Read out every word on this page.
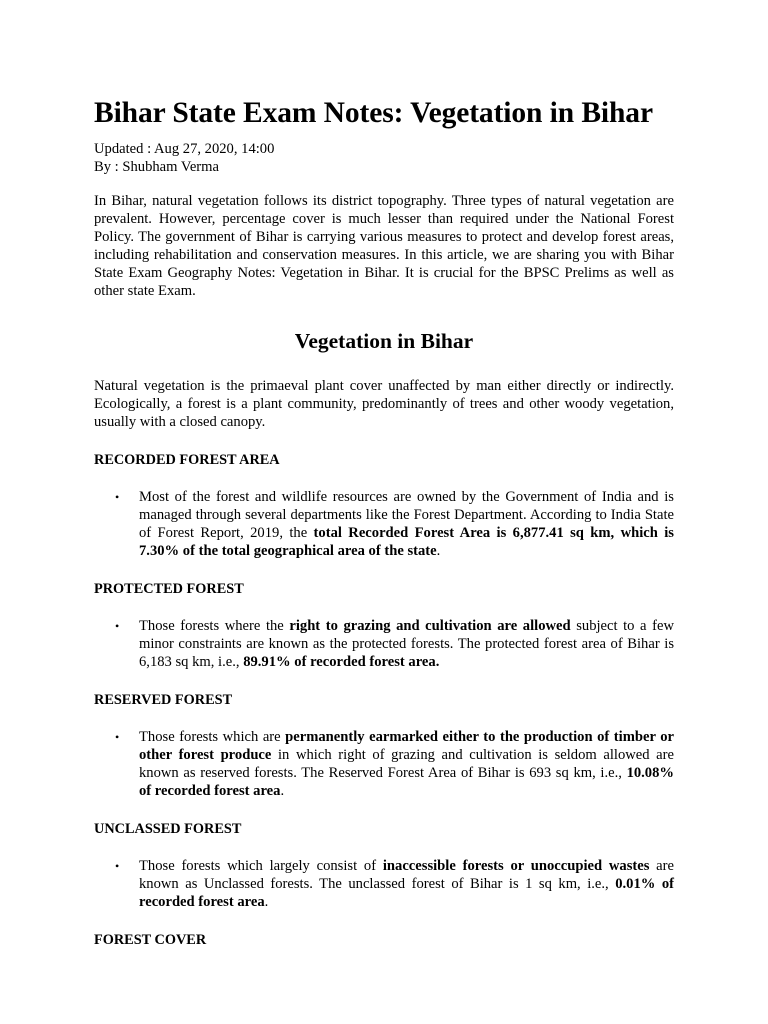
Bihar State Exam Notes: Vegetation in Bihar
Updated : Aug 27, 2020, 14:00
By : Shubham Verma

In Bihar, natural vegetation follows its district topography. Three types of natural vegetation are prevalent. However, percentage cover is much lesser than required under the National Forest Policy. The government of Bihar is carrying various measures to protect and develop forest areas, including rehabilitation and conservation measures. In this article, we are sharing you with Bihar State Exam Geography Notes: Vegetation in Bihar. It is crucial for the BPSC Prelims as well as other state Exam.

Vegetation in Bihar

Natural vegetation is the primaeval plant cover unaffected by man either directly or indirectly. Ecologically, a forest is a plant community, predominantly of trees and other woody vegetation, usually with a closed canopy.

RECORDED FOREST AREA
• Most of the forest and wildlife resources are owned by the Government of India and is managed through several departments like the Forest Department. According to India State of Forest Report, 2019, the total Recorded Forest Area is 6,877.41 sq km, which is 7.30% of the total geographical area of the state.
PROTECTED FOREST
• Those forests where the right to grazing and cultivation are allowed subject to a few minor constraints are known as the protected forests. The protected forest area of Bihar is 6,183 sq km, i.e., 89.91% of recorded forest area.
RESERVED FOREST
• Those forests which are permanently earmarked either to the production of timber or other forest produce in which right of grazing and cultivation is seldom allowed are known as reserved forests. The Reserved Forest Area of Bihar is 693 sq km, i.e., 10.08% of recorded forest area.
UNCLASSED FOREST
• Those forests which largely consist of inaccessible forests or unoccupied wastes are known as Unclassed forests. The unclassed forest of Bihar is 1 sq km, i.e., 0.01% of recorded forest area.
FOREST COVER
